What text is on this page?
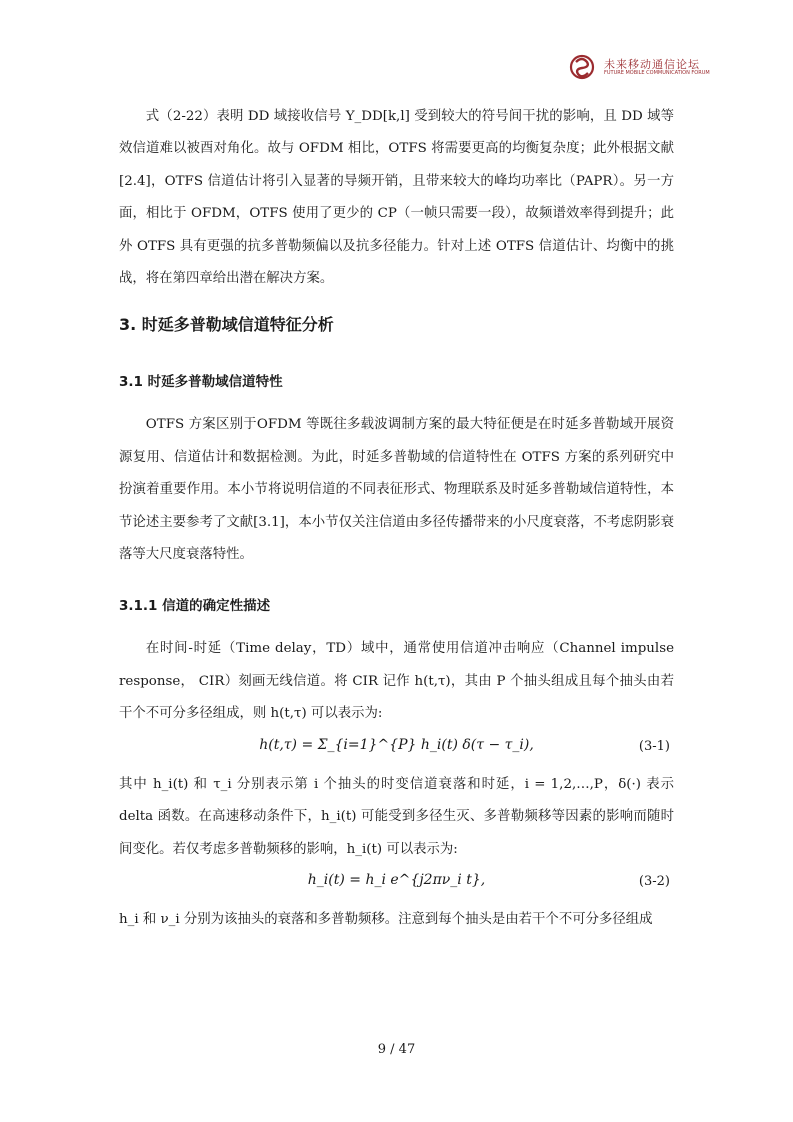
未来移动通信论坛
FUTURE MOBILE COMMUNICATION FORUM

式（2-22）表明 DD 域接收信号 Y_DD[k,l] 受到较大的符号间干扰的影响，且 DD 域等效信道难以被酉对角化。故与 OFDM 相比，OTFS 将需要更高的均衡复杂度；此外根据文献[2.4]，OTFS 信道估计将引入显著的导频开销，且带来较大的峰均功率比（PAPR）。另一方面，相比于 OFDM，OTFS 使用了更少的 CP（一帧只需要一段），故频谱效率得到提升；此外 OTFS 具有更强的抗多普勒频偏以及抗多径能力。针对上述 OTFS 信道估计、均衡中的挑战，将在第四章给出潜在解决方案。

3. 时延多普勒域信道特征分析
3.1 时延多普勒域信道特性

OTFS 方案区别于OFDM 等既往多载波调制方案的最大特征便是在时延多普勒域开展资源复用、信道估计和数据检测。为此，时延多普勒域的信道特性在 OTFS 方案的系列研究中扮演着重要作用。本小节将说明信道的不同表征形式、物理联系及时延多普勒域信道特性，本节论述主要参考了文献[3.1]，本小节仅关注信道由多径传播带来的小尺度衰落，不考虑阴影衰落等大尺度衰落特性。

3.1.1 信道的确定性描述

在时间-时延（Time delay，TD）域中，通常使用信道冲击响应（Channel impulse response， CIR）刻画无线信道。将 CIR 记作 h(t,τ)，其由 P 个抽头组成且每个抽头由若干个不可分多径组成，则 h(t,τ) 可以表示为:

h(t,τ) = Σ_{i=1}^{P} h_i(t) δ(τ − τ_i),	(3-1)

其中 h_i(t) 和 τ_i 分别表示第 i 个抽头的时变信道衰落和时延，i = 1,2,…,P，δ(·) 表示 delta 函数。在高速移动条件下，h_i(t) 可能受到多径生灭、多普勒频移等因素的影响而随时间变化。若仅考虑多普勒频移的影响，h_i(t) 可以表示为:

h_i(t) = h_i e^{j2πν_i t},	(3-2)

h_i 和 ν_i 分别为该抽头的衰落和多普勒频移。注意到每个抽头是由若干个不可分多径组成

9 / 47
